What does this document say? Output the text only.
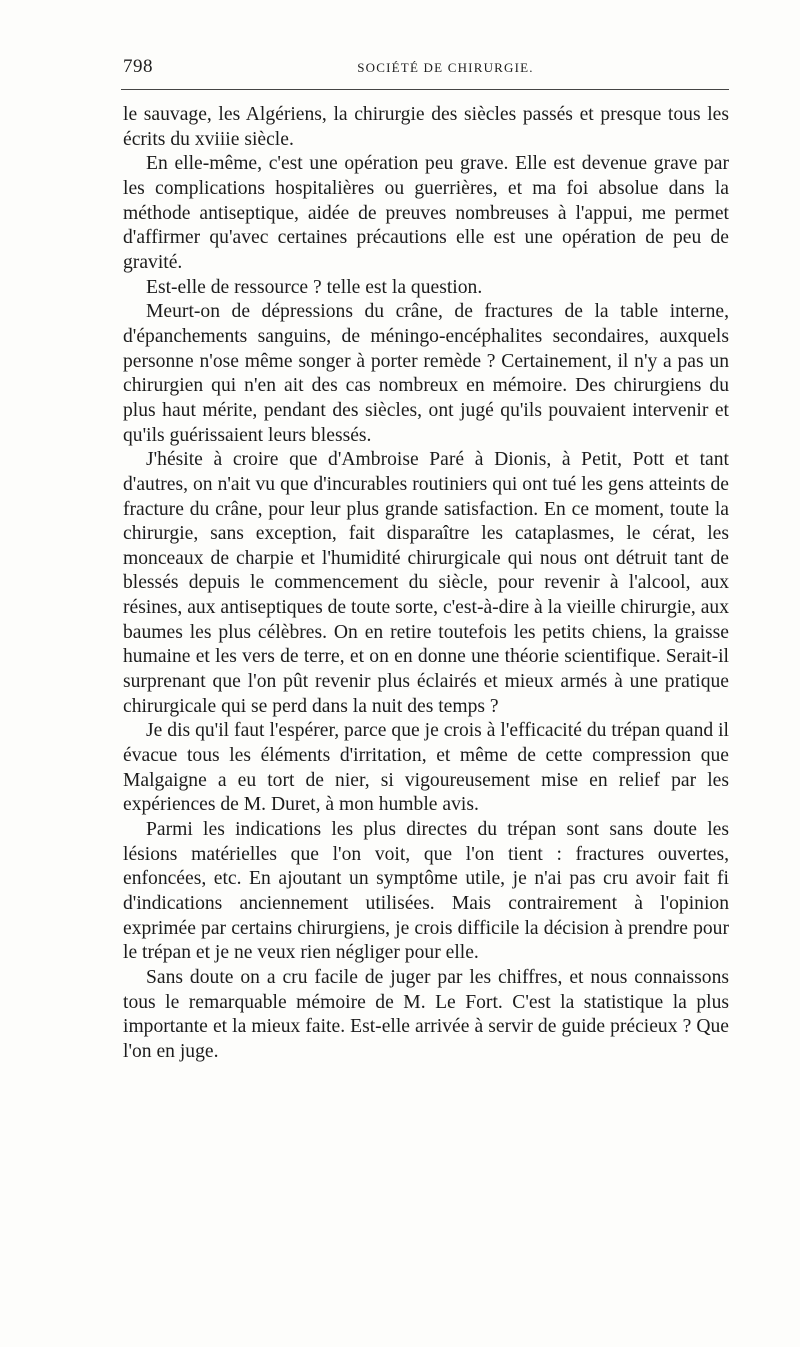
798	SOCIÉTÉ DE CHIRURGIE.

le sauvage, les Algériens, la chirurgie des siècles passés et presque tous les écrits du xviiie siècle.

En elle-même, c'est une opération peu grave. Elle est devenue grave par les complications hospitalières ou guerrières, et ma foi absolue dans la méthode antiseptique, aidée de preuves nombreuses à l'appui, me permet d'affirmer qu'avec certaines précautions elle est une opération de peu de gravité.

Est-elle de ressource ? telle est la question.

Meurt-on de dépressions du crâne, de fractures de la table interne, d'épanchements sanguins, de méningo-encéphalites secondaires, auxquels personne n'ose même songer à porter remède ? Certainement, il n'y a pas un chirurgien qui n'en ait des cas nombreux en mémoire. Des chirurgiens du plus haut mérite, pendant des siècles, ont jugé qu'ils pouvaient intervenir et qu'ils guérissaient leurs blessés.

J'hésite à croire que d'Ambroise Paré à Dionis, à Petit, Pott et tant d'autres, on n'ait vu que d'incurables routiniers qui ont tué les gens atteints de fracture du crâne, pour leur plus grande satisfaction. En ce moment, toute la chirurgie, sans exception, fait disparaître les cataplasmes, le cérat, les monceaux de charpie et l'humidité chirurgicale qui nous ont détruit tant de blessés depuis le commencement du siècle, pour revenir à l'alcool, aux résines, aux antiseptiques de toute sorte, c'est-à-dire à la vieille chirurgie, aux baumes les plus célèbres. On en retire toutefois les petits chiens, la graisse humaine et les vers de terre, et on en donne une théorie scientifique. Serait-il surprenant que l'on pût revenir plus éclairés et mieux armés à une pratique chirurgicale qui se perd dans la nuit des temps ?

Je dis qu'il faut l'espérer, parce que je crois à l'efficacité du trépan quand il évacue tous les éléments d'irritation, et même de cette compression que Malgaigne a eu tort de nier, si vigoureusement mise en relief par les expériences de M. Duret, à mon humble avis.

Parmi les indications les plus directes du trépan sont sans doute les lésions matérielles que l'on voit, que l'on tient : fractures ouvertes, enfoncées, etc. En ajoutant un symptôme utile, je n'ai pas cru avoir fait fi d'indications anciennement utilisées. Mais contrairement à l'opinion exprimée par certains chirurgiens, je crois difficile la décision à prendre pour le trépan et je ne veux rien négliger pour elle.

Sans doute on a cru facile de juger par les chiffres, et nous connaissons tous le remarquable mémoire de M. Le Fort. C'est la statistique la plus importante et la mieux faite. Est-elle arrivée à servir de guide précieux ? Que l'on en juge.
